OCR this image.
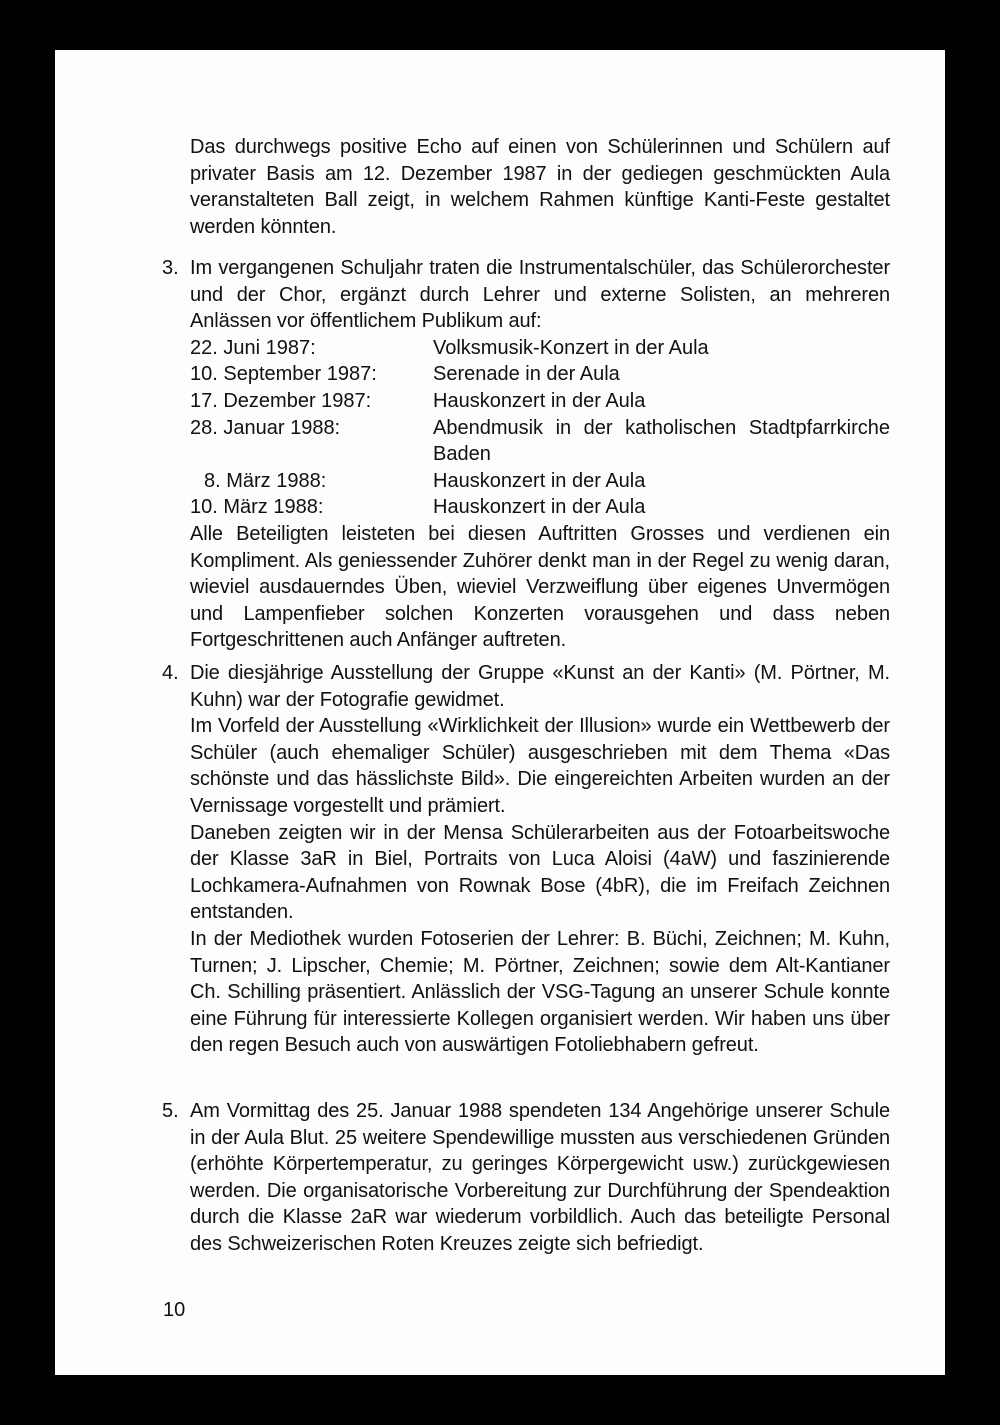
Das durchwegs positive Echo auf einen von Schülerinnen und Schülern auf privater Basis am 12. Dezember 1987 in der gediegen geschmückten Aula veranstalteten Ball zeigt, in welchem Rahmen künftige Kanti-Feste gestaltet werden könnten.

3. Im vergangenen Schuljahr traten die Instrumentalschüler, das Schülerorchester und der Chor, ergänzt durch Lehrer und externe Solisten, an mehreren Anlässen vor öffentlichem Publikum auf:

22. Juni 1987:	Volksmusik-Konzert in der Aula
10. September 1987:	Serenade in der Aula
17. Dezember 1987:	Hauskonzert in der Aula
28. Januar 1988:	Abendmusik in der katholischen Stadtpfarrkirche Baden
8. März 1988:	Hauskonzert in der Aula
10. März 1988:	Hauskonzert in der Aula

Alle Beteiligten leisteten bei diesen Auftritten Grosses und verdienen ein Kompliment. Als geniessender Zuhörer denkt man in der Regel zu wenig daran, wieviel ausdauerndes Üben, wieviel Verzweiflung über eigenes Unvermögen und Lampenfieber solchen Konzerten vorausgehen und dass neben Fortgeschrittenen auch Anfänger auftreten.

4. Die diesjährige Ausstellung der Gruppe «Kunst an der Kanti» (M. Pörtner, M. Kuhn) war der Fotografie gewidmet.

Im Vorfeld der Ausstellung «Wirklichkeit der Illusion» wurde ein Wettbewerb der Schüler (auch ehemaliger Schüler) ausgeschrieben mit dem Thema «Das schönste und das hässlichste Bild». Die eingereichten Arbeiten wurden an der Vernissage vorgestellt und prämiert.

Daneben zeigten wir in der Mensa Schülerarbeiten aus der Fotoarbeitswoche der Klasse 3aR in Biel, Portraits von Luca Aloisi (4aW) und faszinierende Lochkamera-Aufnahmen von Rownak Bose (4bR), die im Freifach Zeichnen entstanden.

In der Mediothek wurden Fotoserien der Lehrer: B. Büchi, Zeichnen; M. Kuhn, Turnen; J. Lipscher, Chemie; M. Pörtner, Zeichnen; sowie dem Alt-Kantianer Ch. Schilling präsentiert. Anlässlich der VSG-Tagung an unserer Schule konnte eine Führung für interessierte Kollegen organisiert werden. Wir haben uns über den regen Besuch auch von auswärtigen Fotoliebhabern gefreut.

5. Am Vormittag des 25. Januar 1988 spendeten 134 Angehörige unserer Schule in der Aula Blut. 25 weitere Spendewillige mussten aus verschiedenen Gründen (erhöhte Körpertemperatur, zu geringes Körpergewicht usw.) zurückgewiesen werden. Die organisatorische Vorbereitung zur Durchführung der Spendeaktion durch die Klasse 2aR war wiederum vorbildlich. Auch das beteiligte Personal des Schweizerischen Roten Kreuzes zeigte sich befriedigt.

10
